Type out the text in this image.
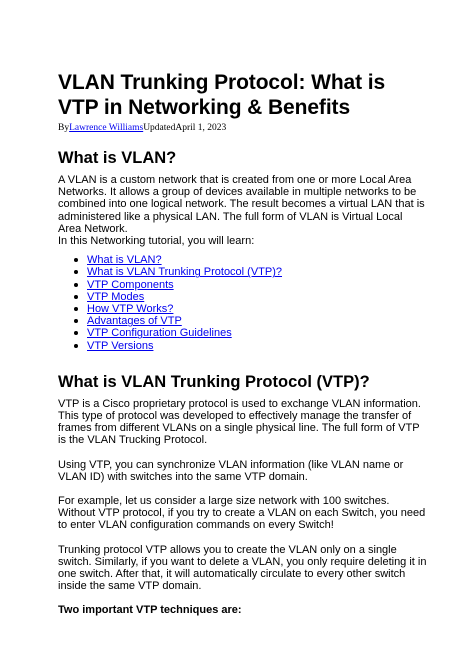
VLAN Trunking Protocol: What is VTP in Networking & Benefits
ByLawrence WilliamsUpdatedApril 1, 2023
What is VLAN?

A VLAN is a custom network that is created from one or more Local Area Networks. It allows a group of devices available in multiple networks to be combined into one logical network. The result becomes a virtual LAN that is administered like a physical LAN. The full form of VLAN is Virtual Local Area Network.

In this Networking tutorial, you will learn:

What is VLAN?
What is VLAN Trunking Protocol (VTP)?
VTP Components
VTP Modes
How VTP Works?
Advantages of VTP
VTP Configuration Guidelines
VTP Versions
What is VLAN Trunking Protocol (VTP)?

VTP is a Cisco proprietary protocol is used to exchange VLAN information. This type of protocol was developed to effectively manage the transfer of frames from different VLANs on a single physical line. The full form of VTP is the VLAN Trucking Protocol.

Using VTP, you can synchronize VLAN information (like VLAN name or VLAN ID) with switches into the same VTP domain.

For example, let us consider a large size network with 100 switches. Without VTP protocol, if you try to create a VLAN on each Switch, you need to enter VLAN configuration commands on every Switch!

Trunking protocol VTP allows you to create the VLAN only on a single switch. Similarly, if you want to delete a VLAN, you only require deleting it in one switch. After that, it will automatically circulate to every other switch inside the same VTP domain.

Two important VTP techniques are:
